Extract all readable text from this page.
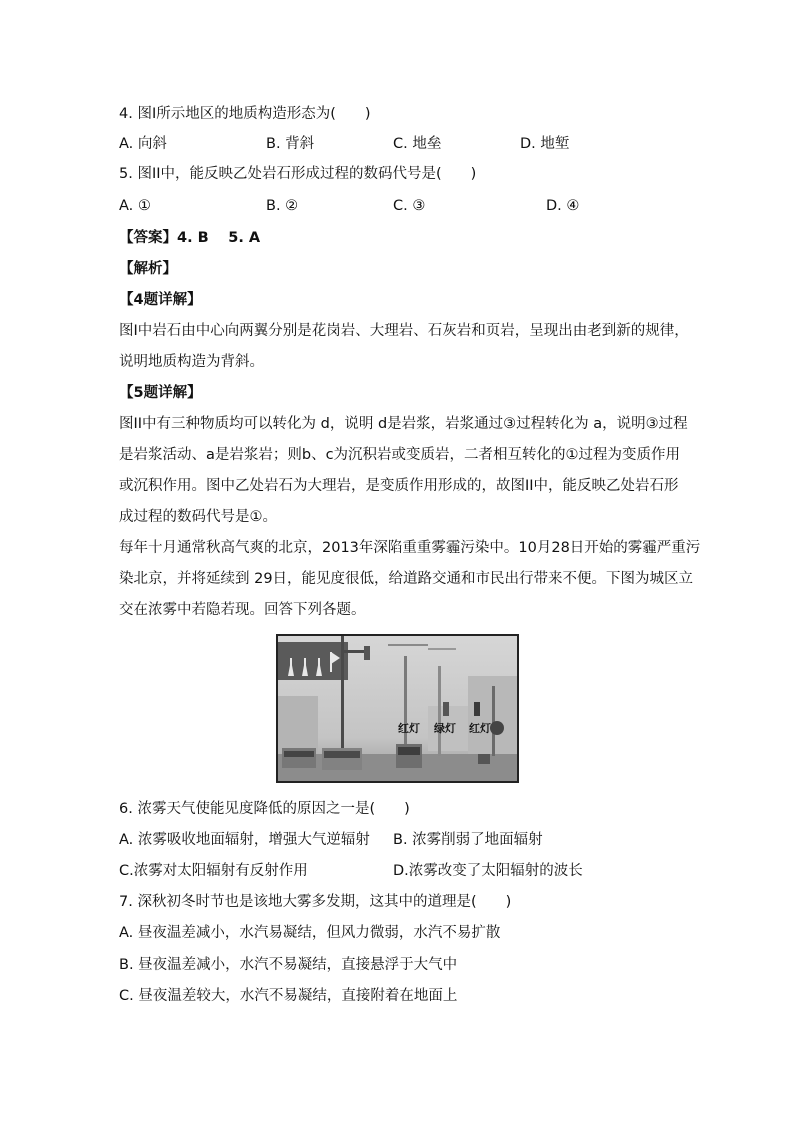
4. 图Ⅰ所示地区的地质构造形态为(　　)
A. 向斜	B. 背斜	C. 地垒	D. 地堑
5. 图II中，能反映乙处岩石形成过程的数码代号是(　　)
A. ①	B. ②	C. ③	D. ④
【答案】4. B　 5. A
【解析】
【4题详解】
图Ⅰ中岩石由中心向两翼分别是花岗岩、大理岩、石灰岩和页岩，呈现出由老到新的规律，
说明地质构造为背斜。
【5题详解】
图II中有三种物质均可以转化为 d，说明 d是岩浆，岩浆通过③过程转化为 a，说明③过程
是岩浆活动、a是岩浆岩；则b、c为沉积岩或变质岩，二者相互转化的①过程为变质作用
或沉积作用。图中乙处岩石为大理岩，是变质作用形成的，故图II中，能反映乙处岩石形
成过程的数码代号是①。
每年十月通常秋高气爽的北京，2013年深陷重重雾霾污染中。10月28日开始的雾霾严重污
染北京，并将延续到 29日，能见度很低，给道路交通和市民出行带来不便。下图为城区立
交在浓雾中若隐若现。回答下列各题。
红灯 绿灯 红灯
6. 浓雾天气使能见度降低的原因之一是(　　)
A. 浓雾吸收地面辐射，增强大气逆辐射 B. 浓雾削弱了地面辐射
C.浓雾对太阳辐射有反射作用	D.浓雾改变了太阳辐射的波长
7. 深秋初冬时节也是该地大雾多发期，这其中的道理是(　　)
A. 昼夜温差减小，水汽易凝结，但风力微弱，水汽不易扩散
B. 昼夜温差减小，水汽不易凝结，直接悬浮于大气中
C. 昼夜温差较大，水汽不易凝结，直接附着在地面上
